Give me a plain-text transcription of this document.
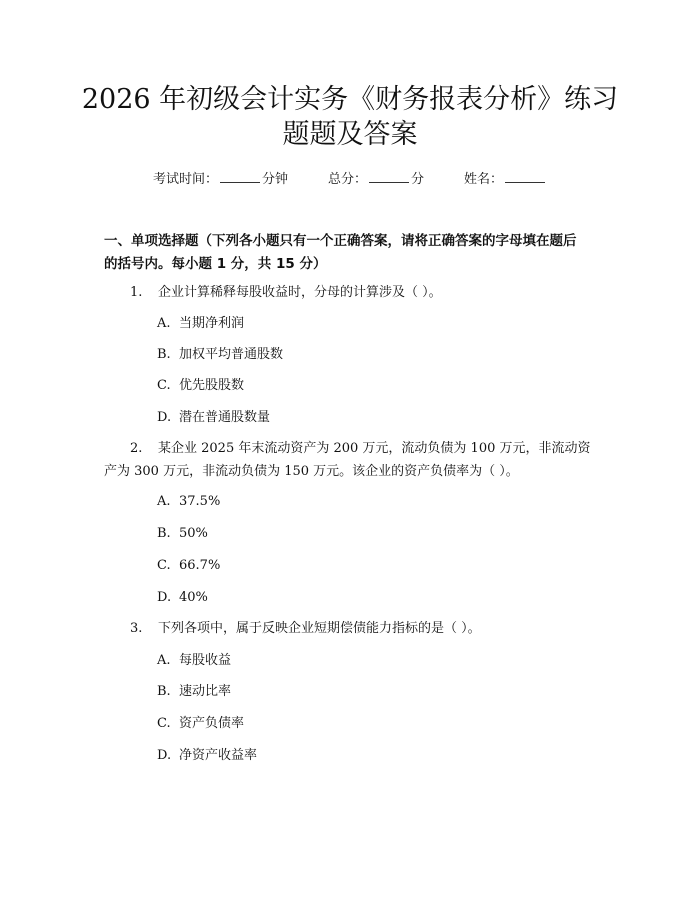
2026 年初级会计实务《财务报表分析》练习
题题及答案
考试时间：	分钟	总分：	分	姓名：
一、单项选择题（下列各小题只有一个正确答案，请将正确答案的字母填在题后
的括号内。每小题 1 分，共 15 分）
1. 企业计算稀释每股收益时，分母的计算涉及（ ）。
A. 当期净利润
B. 加权平均普通股数
C. 优先股股数
D. 潜在普通股数量
2. 某企业 2025 年末流动资产为 200 万元，流动负债为 100 万元，非流动资
产为 300 万元，非流动负债为 150 万元。该企业的资产负债率为（ ）。
A. 37.5%
B. 50%
C. 66.7%
D. 40%
3. 下列各项中，属于反映企业短期偿债能力指标的是（ ）。
A. 每股收益
B. 速动比率
C. 资产负债率
D. 净资产收益率
